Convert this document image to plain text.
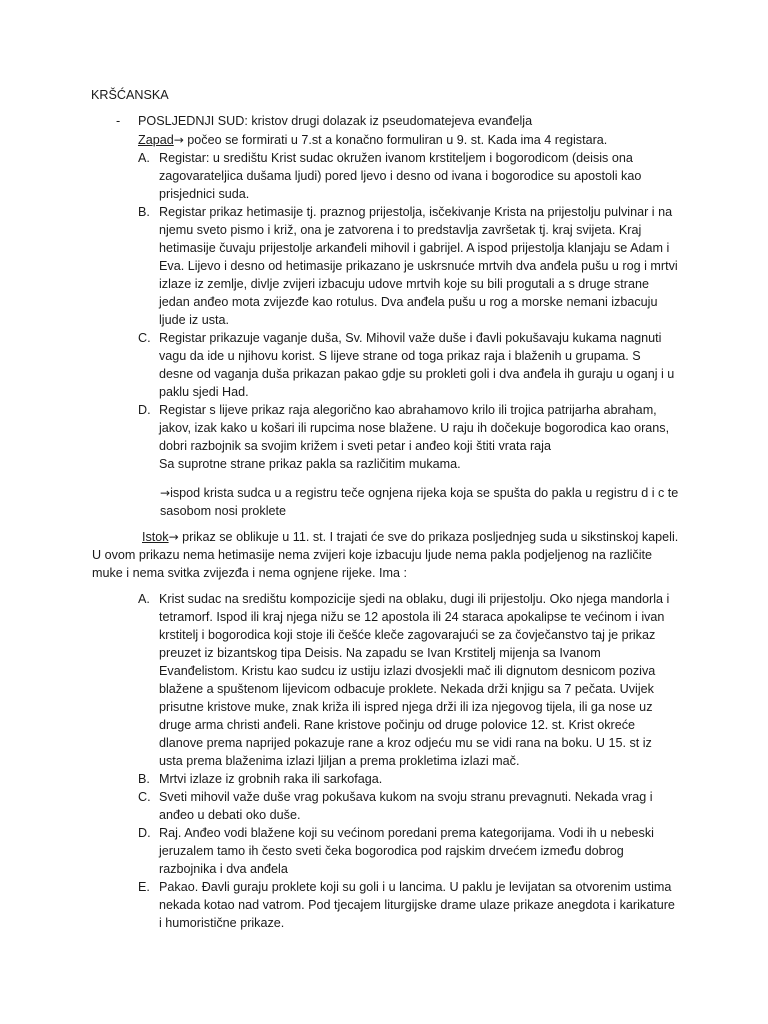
KRŠĆANSKA
- POSLJEDNJI SUD: kristov drugi dolazak iz pseudomatejeva evanđelja
Zapad→ počeo se formirati u 7.st a konačno formuliran u 9. st. Kada ima 4 registara.
A. Registar: u središtu Krist sudac okružen ivanom krstiteljem i bogorodicom (deisis ona zagovarateljica dušama ljudi) pored ljevo i desno od ivana i bogorodice su apostoli kao prisjednici suda.
B. Registar prikaz hetimasije tj. praznog prijestolja, isčekivanje Krista na prijestolju pulvinar i na njemu sveto pismo i križ, ona je zatvorena i to predstavlja završetak tj. kraj svijeta. Kraj hetimasije čuvaju prijestolje arkanđeli mihovil i gabrijel. A ispod prijestolja klanjaju se Adam i Eva. Lijevo i desno od hetimasije prikazano je uskrsnuće mrtvih dva anđela pušu u rog i mrtvi izlaze iz zemlje, divlje zvijeri izbacuju udove mrtvih koje su bili progutali a s druge strane jedan anđeo mota zvijezđe kao rotulus. Dva anđela pušu u rog a morske nemani izbacuju ljude iz usta.
C. Registar prikazuje vaganje duša, Sv. Mihovil važe duše i đavli pokušavaju kukama nagnuti vagu da ide u njihovu korist. S lijeve strane od toga prikaz raja i blaženih u grupama. S desne od vaganja duša prikazan pakao gdje su prokleti goli i dva anđela ih guraju u oganj i u paklu sjedi Had.
D. Registar s lijeve prikaz raja alegorično kao abrahamovo krilo ili trojica patrijarha abraham, jakov, izak kako u košari ili rupcima nose blažene. U raju ih dočekuje bogorodica kao orans, dobri razbojnik sa svojim križem i sveti petar i anđeo koji štiti vrata raja
Sa suprotne strane prikaz pakla sa različitim mukama.
→ispod krista sudca u a registru teče ognjena rijeka koja se spušta do pakla u registru d i c te sasobom nosi proklete
Istok→ prikaz se oblikuje u 11. st. I trajati će sve do prikaza posljednjeg suda u sikstinskoj kapeli. U ovom prikazu nema hetimasije nema zvijeri koje izbacuju ljude nema pakla podjeljenog na različite muke i nema svitka zvijezđa i nema ognjene rijeke. Ima :
A. Krist sudac na središtu kompozicije sjedi na oblaku, dugi ili prijestolju. Oko njega mandorla i tetramorf. Ispod ili kraj njega nižu se 12 apostola ili 24 staraca apokalipse te većinom i ivan krstitelj i bogorodica koji stoje ili češće kleče zagovarajući se za čovječanstvo taj je prikaz preuzet iz bizantskog tipa Deisis. Na zapadu se Ivan Krstitelj mijenja sa Ivanom Evanđelistom. Kristu kao sudcu iz ustiju izlazi dvosjekli mač ili dignutom desnicom poziva blažene a spuštenom lijevicom odbacuje proklete. Nekada drži knjigu sa 7 pečata. Uvijek prisutne kristove muke, znak križa ili ispred njega drži ili iza njegovog tijela, ili ga nose uz druge arma christi anđeli. Rane kristove počinju od druge polovice 12. st. Krist okreće dlanove prema naprijed pokazuje rane a kroz odjeću mu se vidi rana na boku. U 15. st iz usta prema blaženima izlazi ljiljan a prema prokletima izlazi mač.
B. Mrtvi izlaze iz grobnih raka ili sarkofaga.
C. Sveti mihovil važe duše vrag pokušava kukom na svoju stranu prevagnuti. Nekada vrag i anđeo u debati oko duše.
D. Raj. Anđeo vodi blažene koji su većinom poredani prema kategorijama. Vodi ih u nebeski jeruzalem tamo ih često sveti čeka bogorodica pod rajskim drvećem između dobrog razbojnika i dva anđela
E. Pakao. Đavli guraju proklete koji su goli i u lancima. U paklu je levijatan sa otvorenim ustima nekada kotao nad vatrom. Pod tjecajem liturgijske drame ulaze prikaze anegdota i karikature i humoristične prikaze.
